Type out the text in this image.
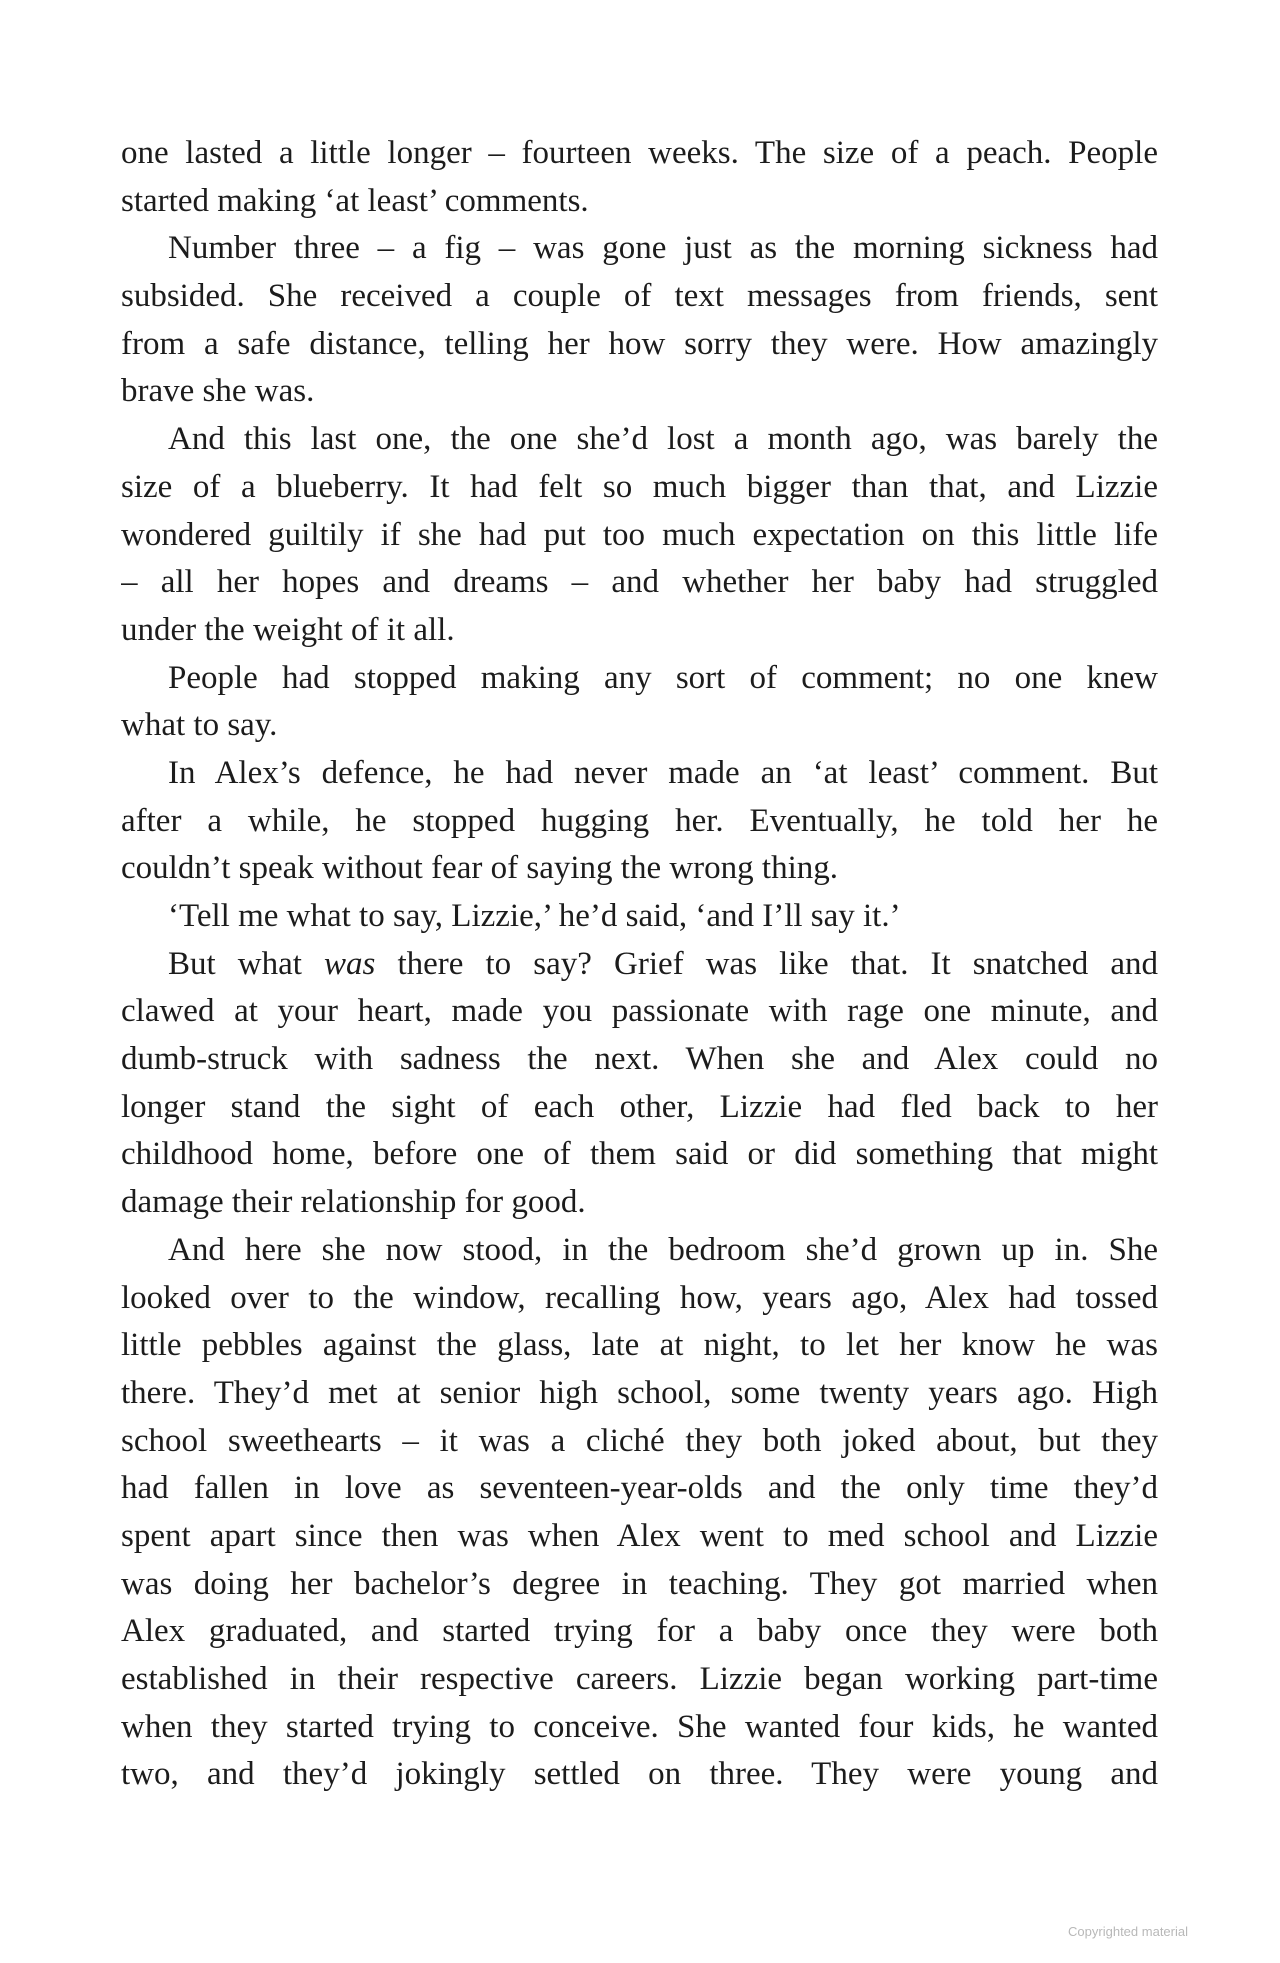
one lasted a little longer – fourteen weeks. The size of a peach. People
started making ‘at least’ comments.
Number three – a fig – was gone just as the morning sickness had
subsided. She received a couple of text messages from friends, sent
from a safe distance, telling her how sorry they were. How amazingly
brave she was.
And this last one, the one she’d lost a month ago, was barely the
size of a blueberry. It had felt so much bigger than that, and Lizzie
wondered guiltily if she had put too much expectation on this little life
– all her hopes and dreams – and whether her baby had struggled
under the weight of it all.
People had stopped making any sort of comment; no one knew
what to say.
In Alex’s defence, he had never made an ‘at least’ comment. But
after a while, he stopped hugging her. Eventually, he told her he
couldn’t speak without fear of saying the wrong thing.
‘Tell me what to say, Lizzie,’ he’d said, ‘and I’ll say it.’
But what was there to say? Grief was like that. It snatched and
clawed at your heart, made you passionate with rage one minute, and
dumb-struck with sadness the next. When she and Alex could no
longer stand the sight of each other, Lizzie had fled back to her
childhood home, before one of them said or did something that might
damage their relationship for good.
And here she now stood, in the bedroom she’d grown up in. She
looked over to the window, recalling how, years ago, Alex had tossed
little pebbles against the glass, late at night, to let her know he was
there. They’d met at senior high school, some twenty years ago. High
school sweethearts – it was a cliché they both joked about, but they
had fallen in love as seventeen-year-olds and the only time they’d
spent apart since then was when Alex went to med school and Lizzie
was doing her bachelor’s degree in teaching. They got married when
Alex graduated, and started trying for a baby once they were both
established in their respective careers. Lizzie began working part-time
when they started trying to conceive. She wanted four kids, he wanted
two, and they’d jokingly settled on three. They were young and
Copyrighted material
